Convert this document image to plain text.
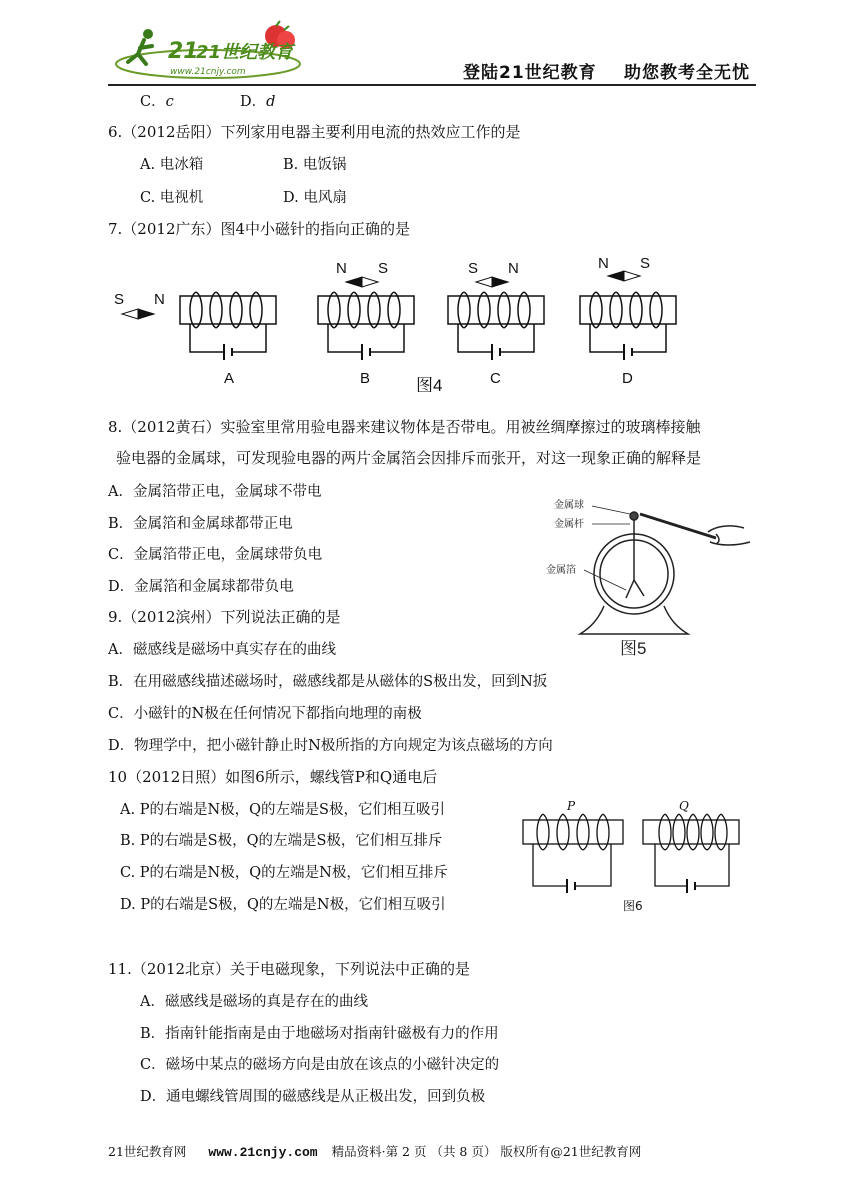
21
21世纪教育
www.21cnjy.com	登陆21世纪教育 助您教考全无忧
C．c	D．d
6.（2012岳阳）下列家用电器主要利用电流的热效应工作的是
A. 电冰箱	B. 电饭锅
C. 电视机	D. 电风扇
7.（2012广东）图4中小磁针的指向正确的是
S N
N S	S N	N S
A	B	C	D
图4
8.（2012黄石）实验室里常用验电器来建议物体是否带电。用被丝绸摩擦过的玻璃棒接触
验电器的金属球，可发现验电器的两片金属箔会因排斥而张开，对这一现象正确的解释是
A．金属箔带正电，金属球不带电
B．金属箔和金属球都带正电
C．金属箔带正电，金属球带负电
D．金属箔和金属球都带负电
金属球
金属杆
金属箔
图5
9.（2012滨州）下列说法正确的是
A．磁感线是磁场中真实存在的曲线
B．在用磁感线描述磁场时，磁感线都是从磁体的S极出发，回到N扳
C．小磁针的N极在任何情况下都指向地理的南极
D．物理学中，把小磁针静止时N极所指的方向规定为该点磁场的方向
10（2012日照）如图6所示，螺线管P和Q通电后
A. P的右端是N极，Q的左端是S极，它们相互吸引
B. P的右端是S极，Q的左端是S极，它们相互排斥
C. P的右端是N极，Q的左端是N极，它们相互排斥
D. P的右端是S极，Q的左端是N极，它们相互吸引
P	Q
图6
11.（2012北京）关于电磁现象，下列说法中正确的是
A．磁感线是磁场的真是存在的曲线
B．指南针能指南是由于地磁场对指南针磁极有力的作用
C．磁场中某点的磁场方向是由放在该点的小磁针决定的
D．通电螺线管周围的磁感线是从正极出发，回到负极
21世纪教育网 www.21cnjy.com 精品资料·第 2 页 （共 8 页） 版权所有@21世纪教育网
